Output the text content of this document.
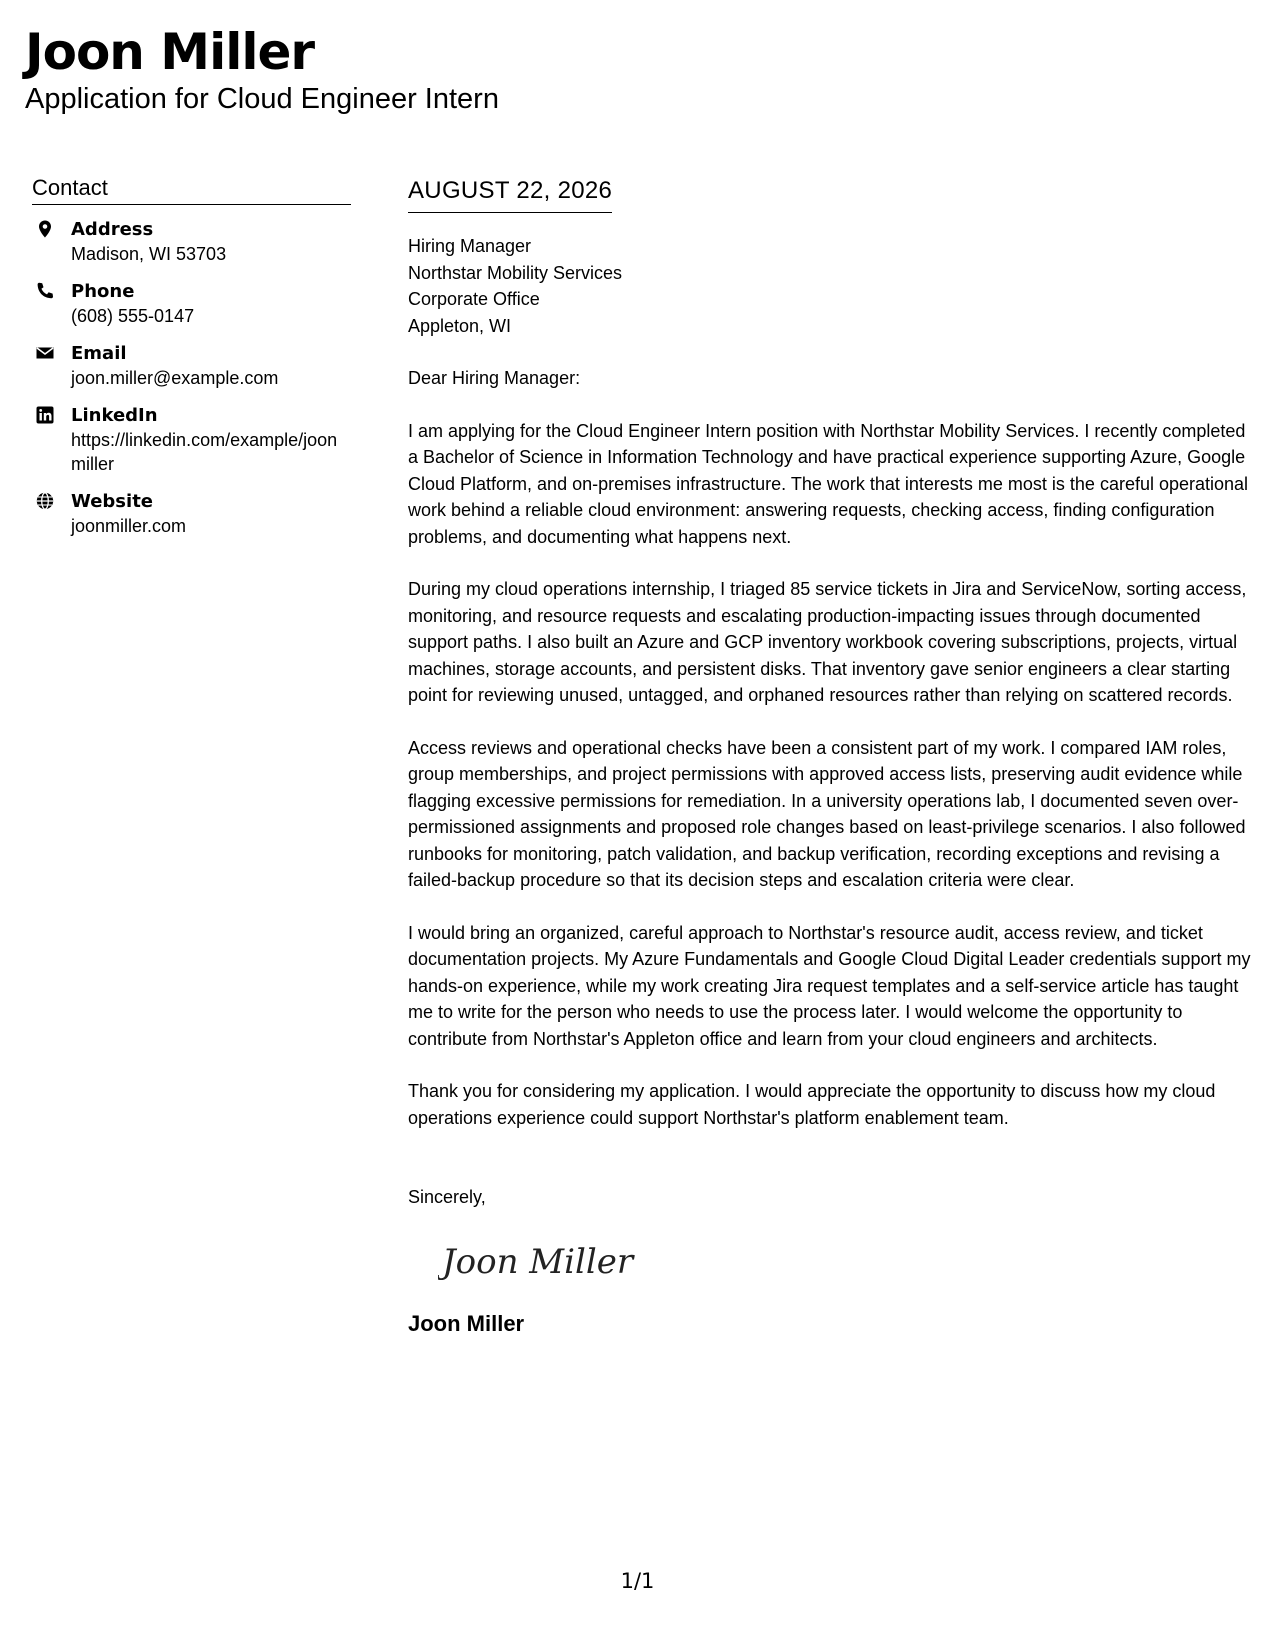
Joon Miller
Application for Cloud Engineer Intern
Contact
Address
Madison, WI 53703
Phone
(608) 555-0147
Email
joon.miller@example.com
LinkedIn
https://linkedin.com/example/joonmiller
Website
joonmiller.com
AUGUST 22, 2026
Hiring Manager
Northstar Mobility Services
Corporate Office
Appleton, WI
Dear Hiring Manager:
I am applying for the Cloud Engineer Intern position with Northstar Mobility Services. I recently completed a Bachelor of Science in Information Technology and have practical experience supporting Azure, Google Cloud Platform, and on-premises infrastructure. The work that interests me most is the careful operational work behind a reliable cloud environment: answering requests, checking access, finding configuration problems, and documenting what happens next.
During my cloud operations internship, I triaged 85 service tickets in Jira and ServiceNow, sorting access, monitoring, and resource requests and escalating production-impacting issues through documented support paths. I also built an Azure and GCP inventory workbook covering subscriptions, projects, virtual machines, storage accounts, and persistent disks. That inventory gave senior engineers a clear starting point for reviewing unused, untagged, and orphaned resources rather than relying on scattered records.
Access reviews and operational checks have been a consistent part of my work. I compared IAM roles, group memberships, and project permissions with approved access lists, preserving audit evidence while flagging excessive permissions for remediation. In a university operations lab, I documented seven over-permissioned assignments and proposed role changes based on least-privilege scenarios. I also followed runbooks for monitoring, patch validation, and backup verification, recording exceptions and revising a failed-backup procedure so that its decision steps and escalation criteria were clear.
I would bring an organized, careful approach to Northstar's resource audit, access review, and ticket documentation projects. My Azure Fundamentals and Google Cloud Digital Leader credentials support my hands-on experience, while my work creating Jira request templates and a self-service article has taught me to write for the person who needs to use the process later. I would welcome the opportunity to contribute from Northstar's Appleton office and learn from your cloud engineers and architects.
Thank you for considering my application. I would appreciate the opportunity to discuss how my cloud operations experience could support Northstar's platform enablement team.
Sincerely,
Joon Miller
Joon Miller
1/1
